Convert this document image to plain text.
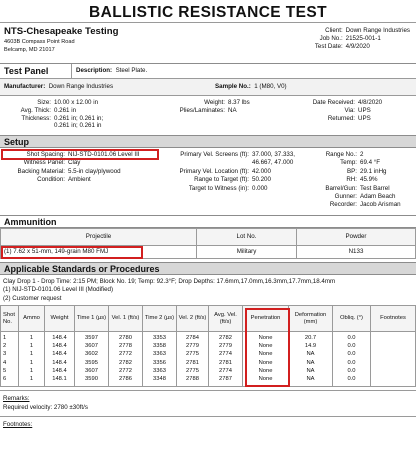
BALLISTIC RESISTANCE TEST
NTS-Chesapeake Testing
4603B Compass Point Road
Belcamp, MD 21017
Client: Down Range Industries
Job No.: 21525-001-1
Test Date: 4/9/2020
Test Panel	Description:
Steel Plate.
Manufacturer:
Down Range Industries	Sample No.:
1 (M80, V0)
Size: 10.00 x 12.00 in
Avg. Thick: 0.261 in
Thickness: 0.261 in; 0.261 in;
0.261 in; 0.261 in
Weight: 8.37 lbs
Plies/Laminates: NA
Date Received: 4/8/2020
Via: UPS
Returned: UPS
Setup
Shot Spacing: NIJ-STD-0101.06 Level III
Witness Panel: Clay
Backing Material: 5.5-in clay/plywood
Condition: Ambient
Primary Vel. Screens (ft): 37.000, 37.333,
46.667, 47.000
Primary Vel. Location (ft): 42.000
Range to Target (ft): 50.200
Target to Witness (in): 0.000
Range No.: 2
Temp: 69.4 °F
BP: 29.1 inHg
RH: 45.9%
Barrel/Gun: Test Barrel
Gunner: Adam Beach
Recorder: Jacob Arisman
Ammunition
Projectile	Lot No.	Powder
(1) 7.62 x 51-mm, 149-grain M80 FMJ	Military	N133
Applicable Standards or Procedures
Clay Drop 1 - Drop Time: 2:15 PM; Block No. 19; Temp: 92.3°F; Drop Depths: 17.6mm,17.0mm,16.3mm,17.7mm,18.4mm
(1) NIJ-STD-0101.06 Level III (Modified)
(2) Customer request
Shot No.	Ammo	Weight	Time 1 (µs)	Vel. 1 (ft/s)	Time 2 (µs)	Vel. 2 (ft/s)	Avg. Vel. (ft/s)	Penetration	Deformation (mm)	Obliq. (°)	Footnotes
1	1	148.4	3597	2780	3353	2784	2782	None	20.7	0.0	
2	1	148.4	3607	2778	3358	2779	2779	None	14.9	0.0	
3	1	148.4	3602	2772	3363	2775	2774	None	NA	0.0	
4	1	148.4	3595	2782	3356	2781	2781	None	NA	0.0	
5	1	148.4	3607	2772	3363	2775	2774	None	NA	0.0	
6	1	148.1	3590	2786	3348	2788	2787	None	NA	0.0	
Remarks:
Required velocity: 2780 ±30ft/s
Footnotes:
